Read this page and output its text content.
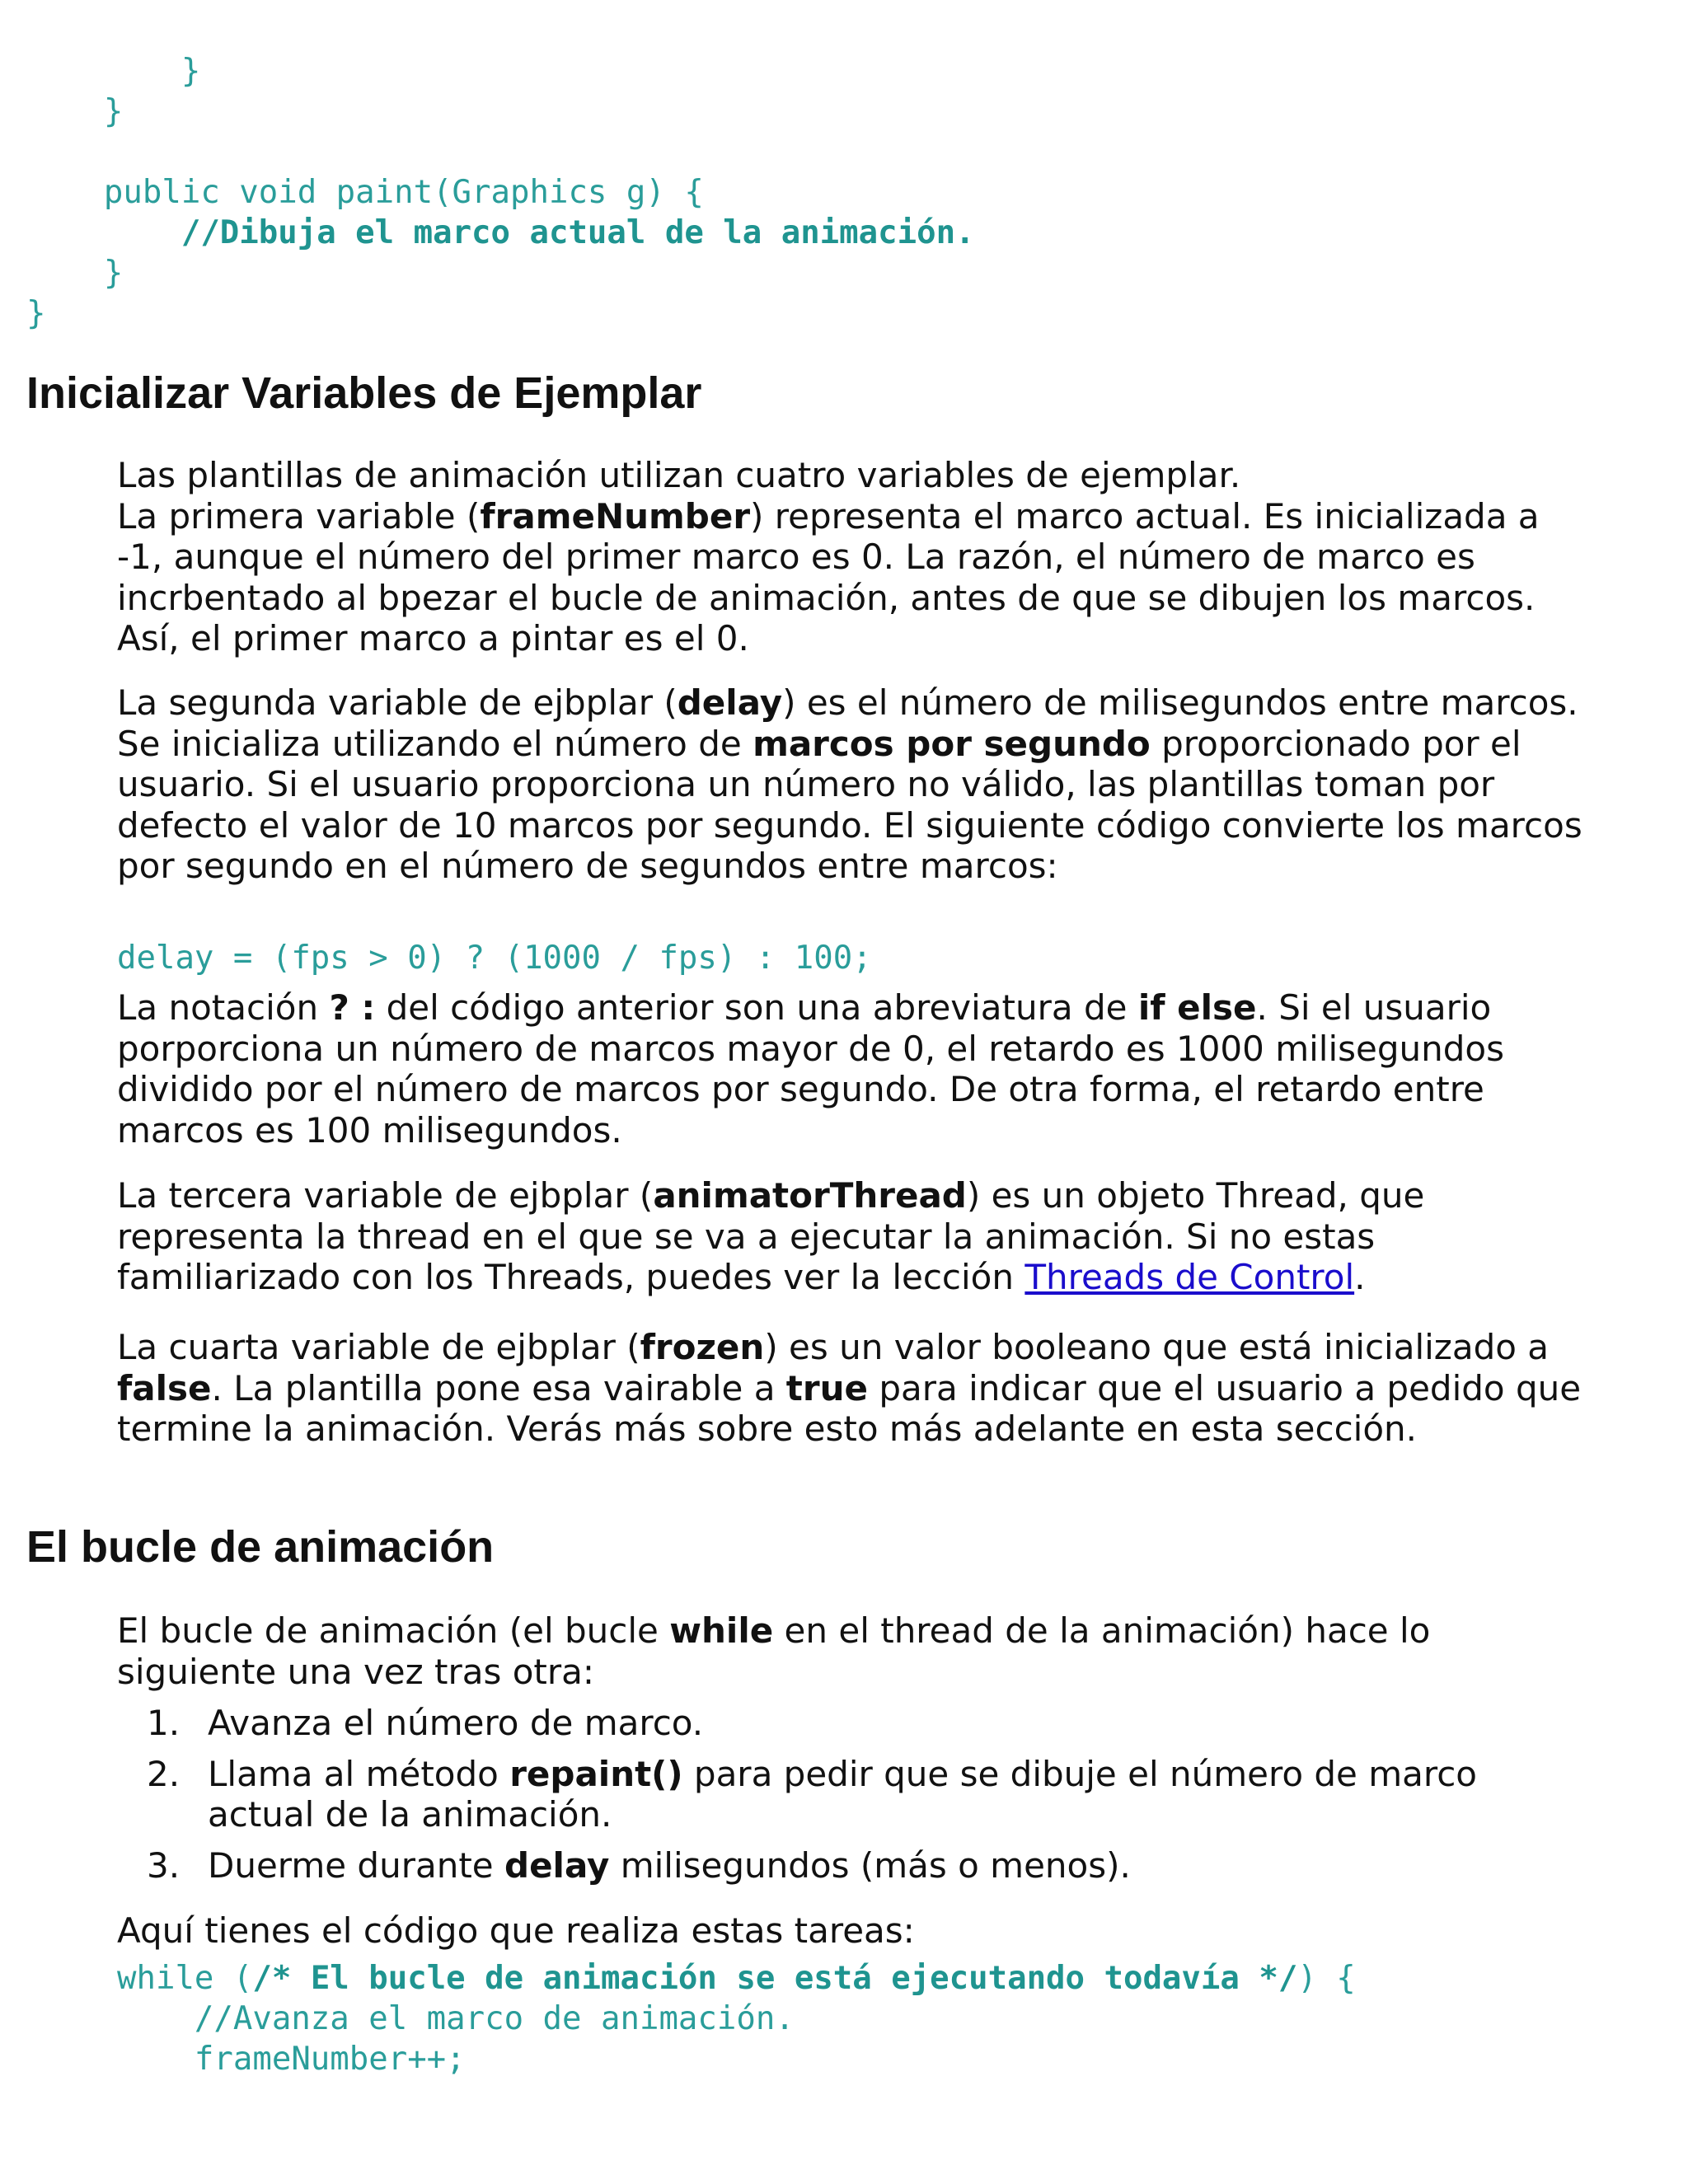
}
}

public void paint(Graphics g) {
//Dibuja el marco actual de la animación.
}
}
Inicializar Variables de Ejemplar

Las plantillas de animación utilizan cuatro variables de ejemplar.
La primera variable (frameNumber) representa el marco actual. Es inicializada a -1, aunque el número del primer marco es 0. La razón, el número de marco es incrbentado al bpezar el bucle de animación, antes de que se dibujen los marcos. Así, el primer marco a pintar es el 0.

La segunda variable de ejbplar (delay) es el número de milisegundos entre marcos. Se inicializa utilizando el número de marcos por segundo proporcionado por el usuario. Si el usuario proporciona un número no válido, las plantillas toman por defecto el valor de 10 marcos por segundo. El siguiente código convierte los marcos por segundo en el número de segundos entre marcos:

delay = (fps > 0) ? (1000 / fps) : 100;

La notación ? : del código anterior son una abreviatura de if else. Si el usuario porporciona un número de marcos mayor de 0, el retardo es 1000 milisegundos dividido por el número de marcos por segundo. De otra forma, el retardo entre marcos es 100 milisegundos.

La tercera variable de ejbplar (animatorThread) es un objeto Thread, que representa la thread en el que se va a ejecutar la animación. Si no estas familiarizado con los Threads, puedes ver la lección Threads de Control.

La cuarta variable de ejbplar (frozen) es un valor booleano que está inicializado a false. La plantilla pone esa vairable a true para indicar que el usuario a pedido que termine la animación. Verás más sobre esto más adelante en esta sección.

El bucle de animación

El bucle de animación (el bucle while en el thread de la animación) hace lo siguiente una vez tras otra:

1. Avanza el número de marco.
2. Llama al método repaint() para pedir que se dibuje el número de marco actual de la animación.
3. Duerme durante delay milisegundos (más o menos).

Aquí tienes el código que realiza estas tareas:

while (/* El bucle de animación se está ejecutando todavía */) {
//Avanza el marco de animación.
frameNumber++;
